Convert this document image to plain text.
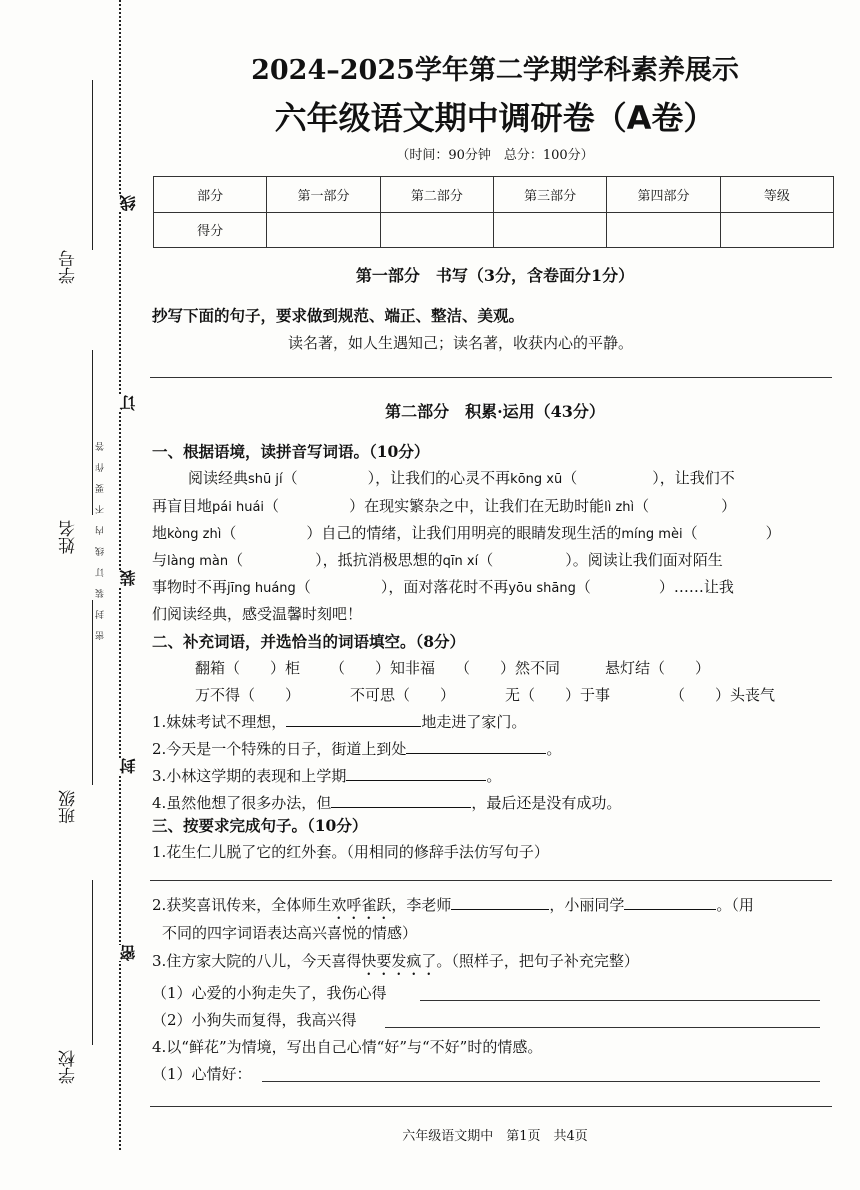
学号
姓名
班级
学校
线
订
装
封
密
密封装订线内不要作答
2024–2025学年第二学期学科素养展示
六年级语文期中调研卷（A卷）
（时间：90分钟　总分：100分）
部分	第一部分	第二部分	第三部分	第四部分	等级
得分					
第一部分　书写（3分，含卷面分1分）
抄写下面的句子，要求做到规范、端正、整洁、美观。
读名著，如人生遇知己；读名著，收获内心的平静。
第二部分　积累·运用（43分）
一、根据语境，读拼音写词语。（10分）
阅读经典shū jí（	），让我们的心灵不再kōng xū（	），让我们不
再盲目地pái huái（	）在现实繁杂之中，让我们在无助时能lì zhì（	）
地kòng zhì（	）自己的情绪，让我们用明亮的眼睛发现生活的míng mèi（	）
与làng màn（	），抵抗消极思想的qīn xí（	）。阅读让我们面对陌生
事物时不再jīng huáng（	），面对落花时不再yōu shāng（	）……让我
们阅读经典，感受温馨时刻吧！
二、补充词语，并选恰当的词语填空。（8分）
翻箱（　　）柜 （　　）知非福 （　　）然不同	悬灯结（　　）
万不得（　　）	不可思（　　）	无（　　）于事	（　　）头丧气
1.妹妹考试不理想，	地走进了家门。
2.今天是一个特殊的日子，街道上到处	。
3.小林这学期的表现和上学期	。
4.虽然他想了很多办法，但	，最后还是没有成功。
三、按要求完成句子。（10分）
1.花生仁儿脱了它的红外套。（用相同的修辞手法仿写句子）
2.获奖喜讯传来，全体师生欢呼雀跃，李老师	，小丽同学	。（用
不同的四字词语表达高兴喜悦的情感）
3.住方家大院的八儿，今天喜得快要发疯了。（照样子，把句子补充完整）
（1）心爱的小狗走失了，我伤心得
（2）小狗失而复得，我高兴得
4.以“鲜花”为情境，写出自己心情“好”与“不好”时的情感。
（1）心情好：
六年级语文期中　第1页　共4页
